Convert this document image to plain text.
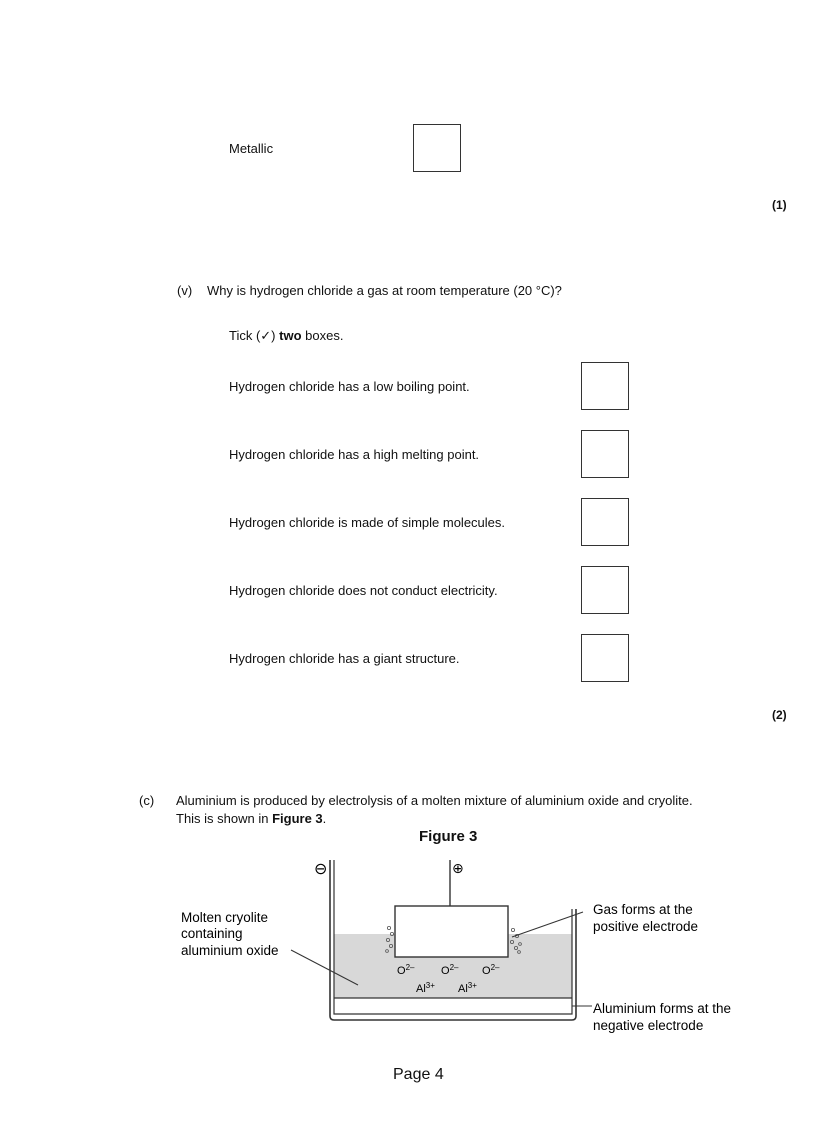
Metallic
(1)
(v) Why is hydrogen chloride a gas at room temperature (20 °C)?
Tick (✓) two boxes.
Hydrogen chloride has a low boiling point.
Hydrogen chloride has a high melting point.
Hydrogen chloride is made of simple molecules.
Hydrogen chloride does not conduct electricity.
Hydrogen chloride has a giant structure.
(2)
(c) Aluminium is produced by electrolysis of a molten mixture of aluminium oxide and cryolite.
This is shown in Figure 3.
Figure 3
⊖	⊕
Molten cryolite
containing
aluminium oxide
Gas forms at the
positive electrode
Aluminium forms at the
negative electrode
$O^{2-}$ $O^{2-}$ $O^{2-}$
$Al^{3+}$ $Al^{3+}$
Page 4
